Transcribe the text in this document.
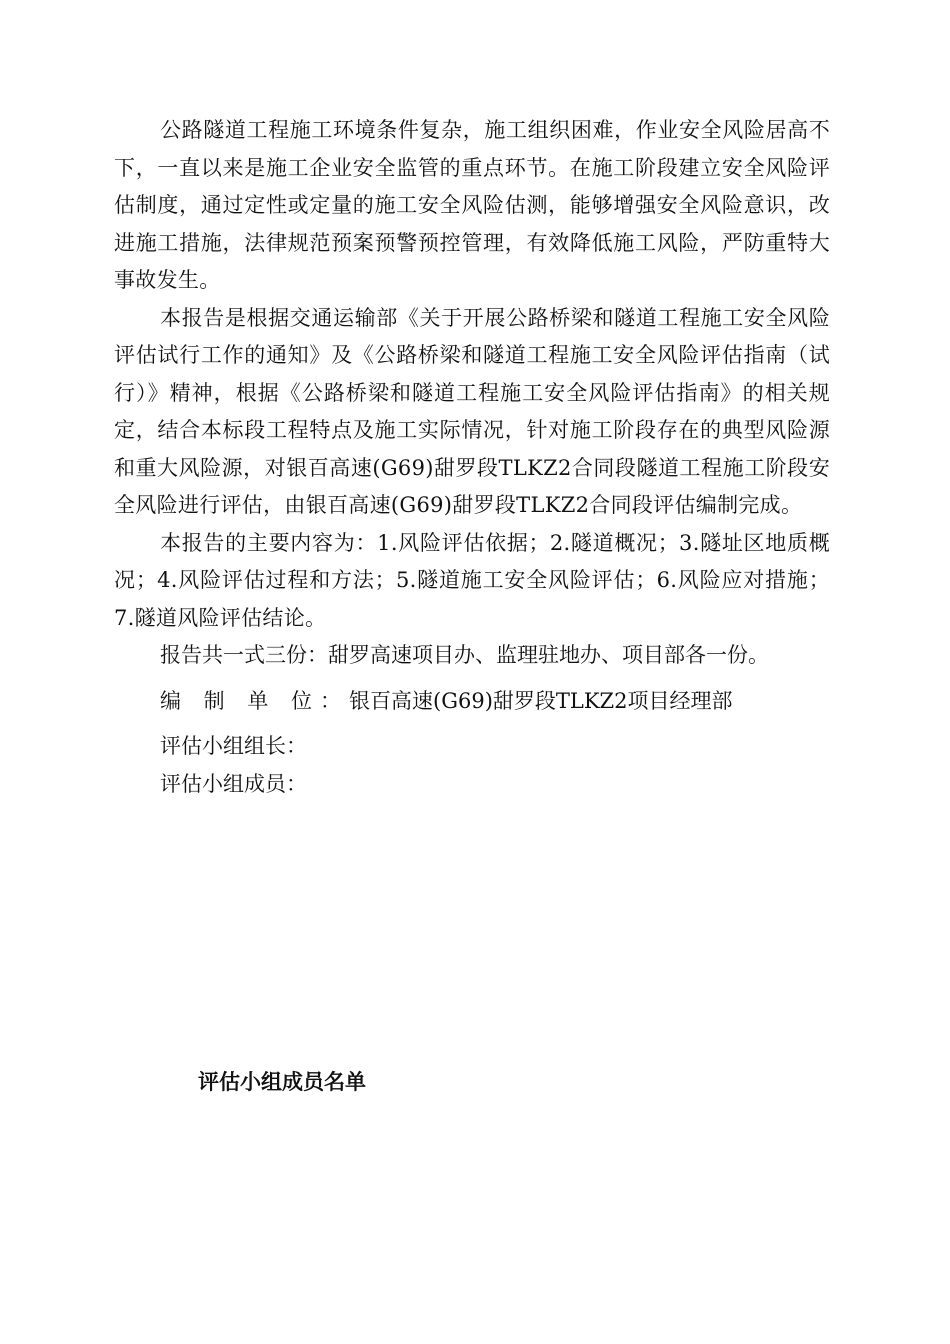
公路隧道工程施工环境条件复杂，施工组织困难，作业安全风险居高不下，一直以来是施工企业安全监管的重点环节。在施工阶段建立安全风险评估制度，通过定性或定量的施工安全风险估测，能够增强安全风险意识，改进施工措施，法律规范预案预警预控管理，有效降低施工风险，严防重特大事故发生。

本报告是根据交通运输部《关于开展公路桥梁和隧道工程施工安全风险评估试行工作的通知》及《公路桥梁和隧道工程施工安全风险评估指南（试行）》精神，根据《公路桥梁和隧道工程施工安全风险评估指南》的相关规定，结合本标段工程特点及施工实际情况，针对施工阶段存在的典型风险源和重大风险源，对银百高速(G69)甜罗段TLKZ2合同段隧道工程施工阶段安全风险进行评估，由银百高速(G69)甜罗段TLKZ2合同段评估编制完成。

本报告的主要内容为：1.风险评估依据；2.隧道概况；3.隧址区地质概况；4.风险评估过程和方法；5.隧道施工安全风险评估；6.风险应对措施；7.隧道风险评估结论。

报告共一式三份：甜罗高速项目办、监理驻地办、项目部各一份。

编 制 单 位：银百高速(G69)甜罗段TLKZ2项目经理部

评估小组组长：

评估小组成员：

评估小组成员名单
